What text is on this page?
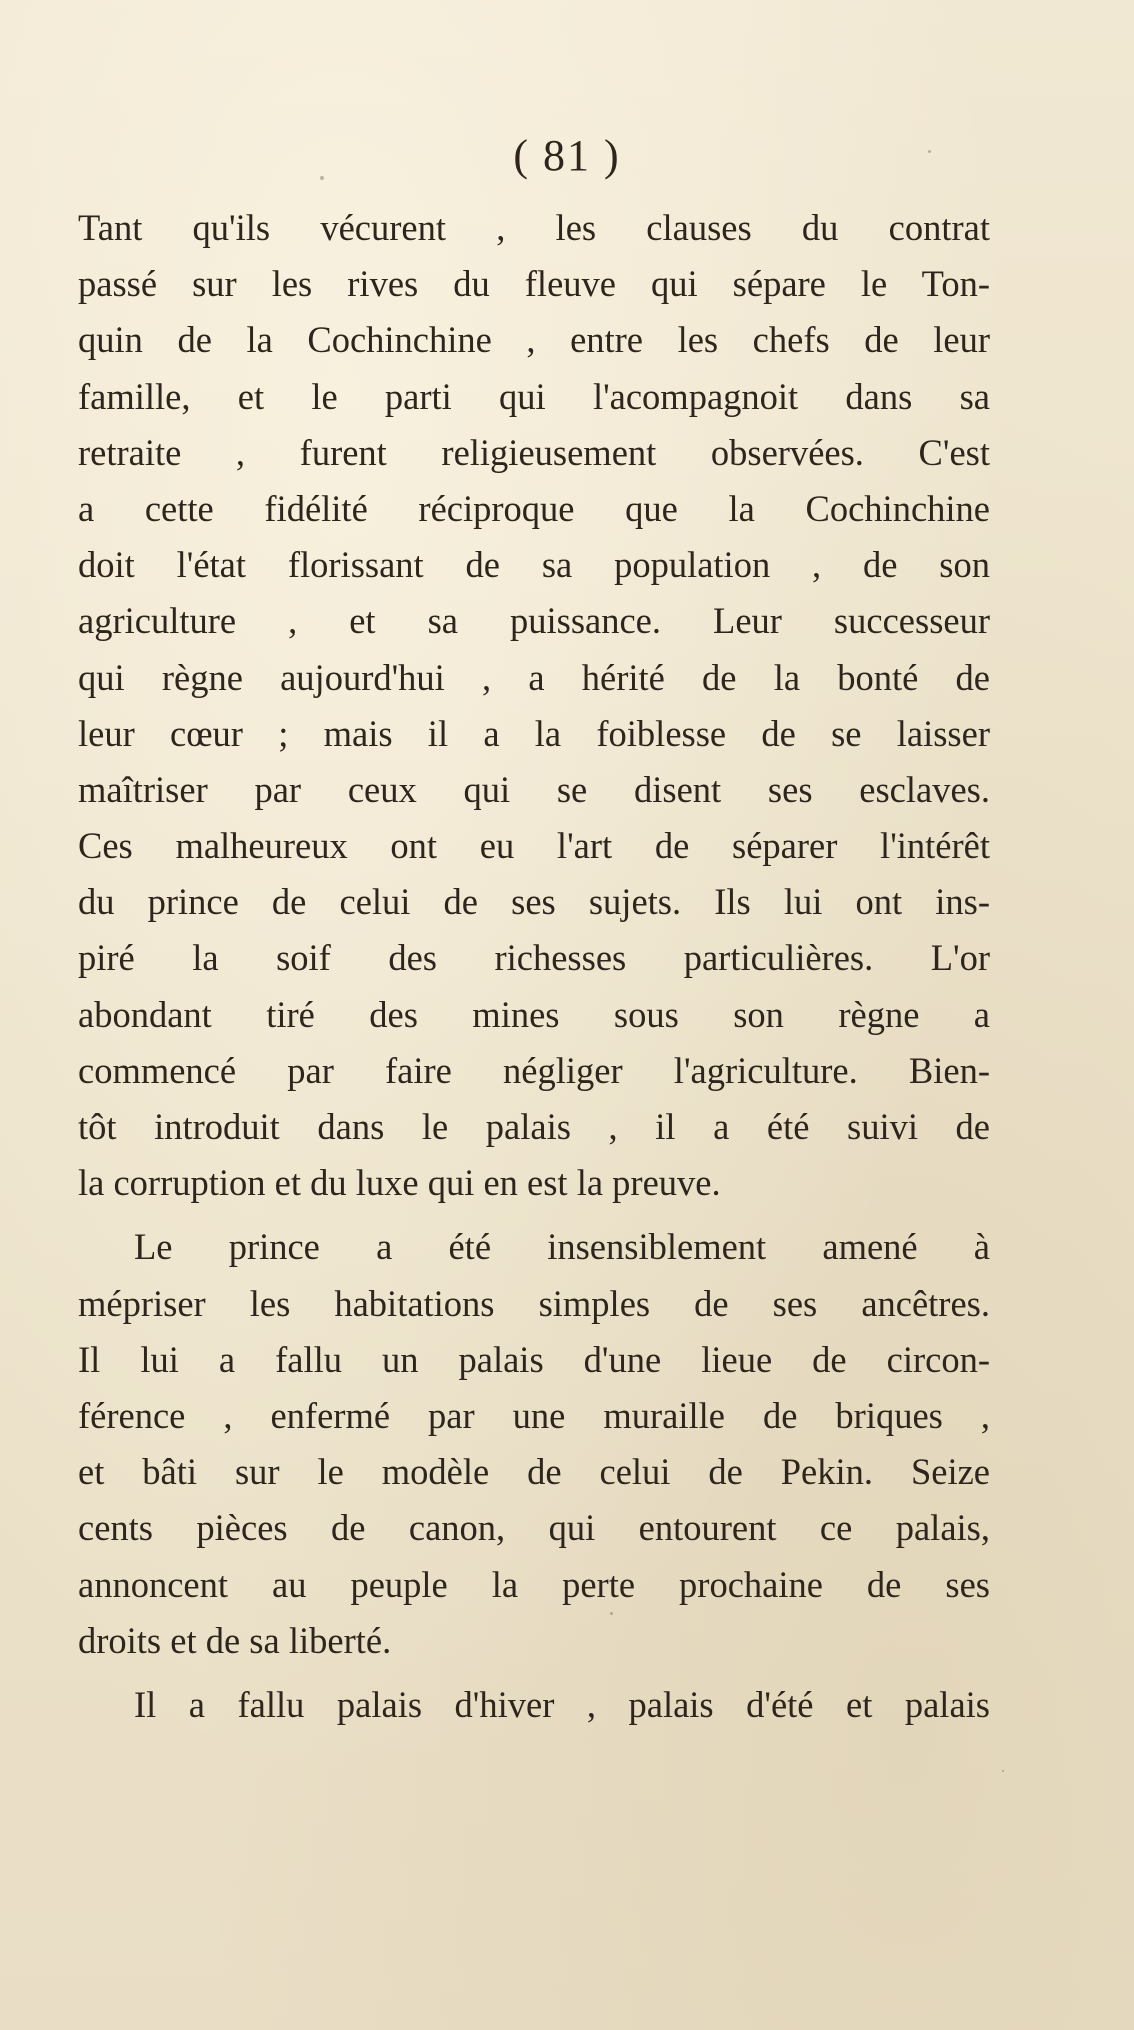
( 81 )
Tant qu'ils vécurent , les clauses du contrat
passé sur les rives du fleuve qui sépare le Ton-
quin de la Cochinchine , entre les chefs de leur
famille, et le parti qui l'acompagnoit dans sa
retraite , furent religieusement observées. C'est
a cette fidélité réciproque que la Cochinchine
doit l'état florissant de sa population , de son
agriculture , et sa puissance. Leur successeur
qui règne aujourd'hui , a hérité de la bonté de
leur cœur ; mais il a la foiblesse de se laisser
maîtriser par ceux qui se disent ses esclaves.
Ces malheureux ont eu l'art de séparer l'intérêt
du prince de celui de ses sujets. Ils lui ont ins-
piré la soif des richesses particulières. L'or
abondant tiré des mines sous son règne a
commencé par faire négliger l'agriculture. Bien-
tôt introduit dans le palais , il a été suivi de
la corruption et du luxe qui en est la preuve.
Le prince a été insensiblement amené à
mépriser les habitations simples de ses ancêtres.
Il lui a fallu un palais d'une lieue de circon-
férence , enfermé par une muraille de briques ,
et bâti sur le modèle de celui de Pekin. Seize
cents pièces de canon, qui entourent ce palais,
annoncent au peuple la perte prochaine de ses
droits et de sa liberté.
Il a fallu palais d'hiver , palais d'été et palais
